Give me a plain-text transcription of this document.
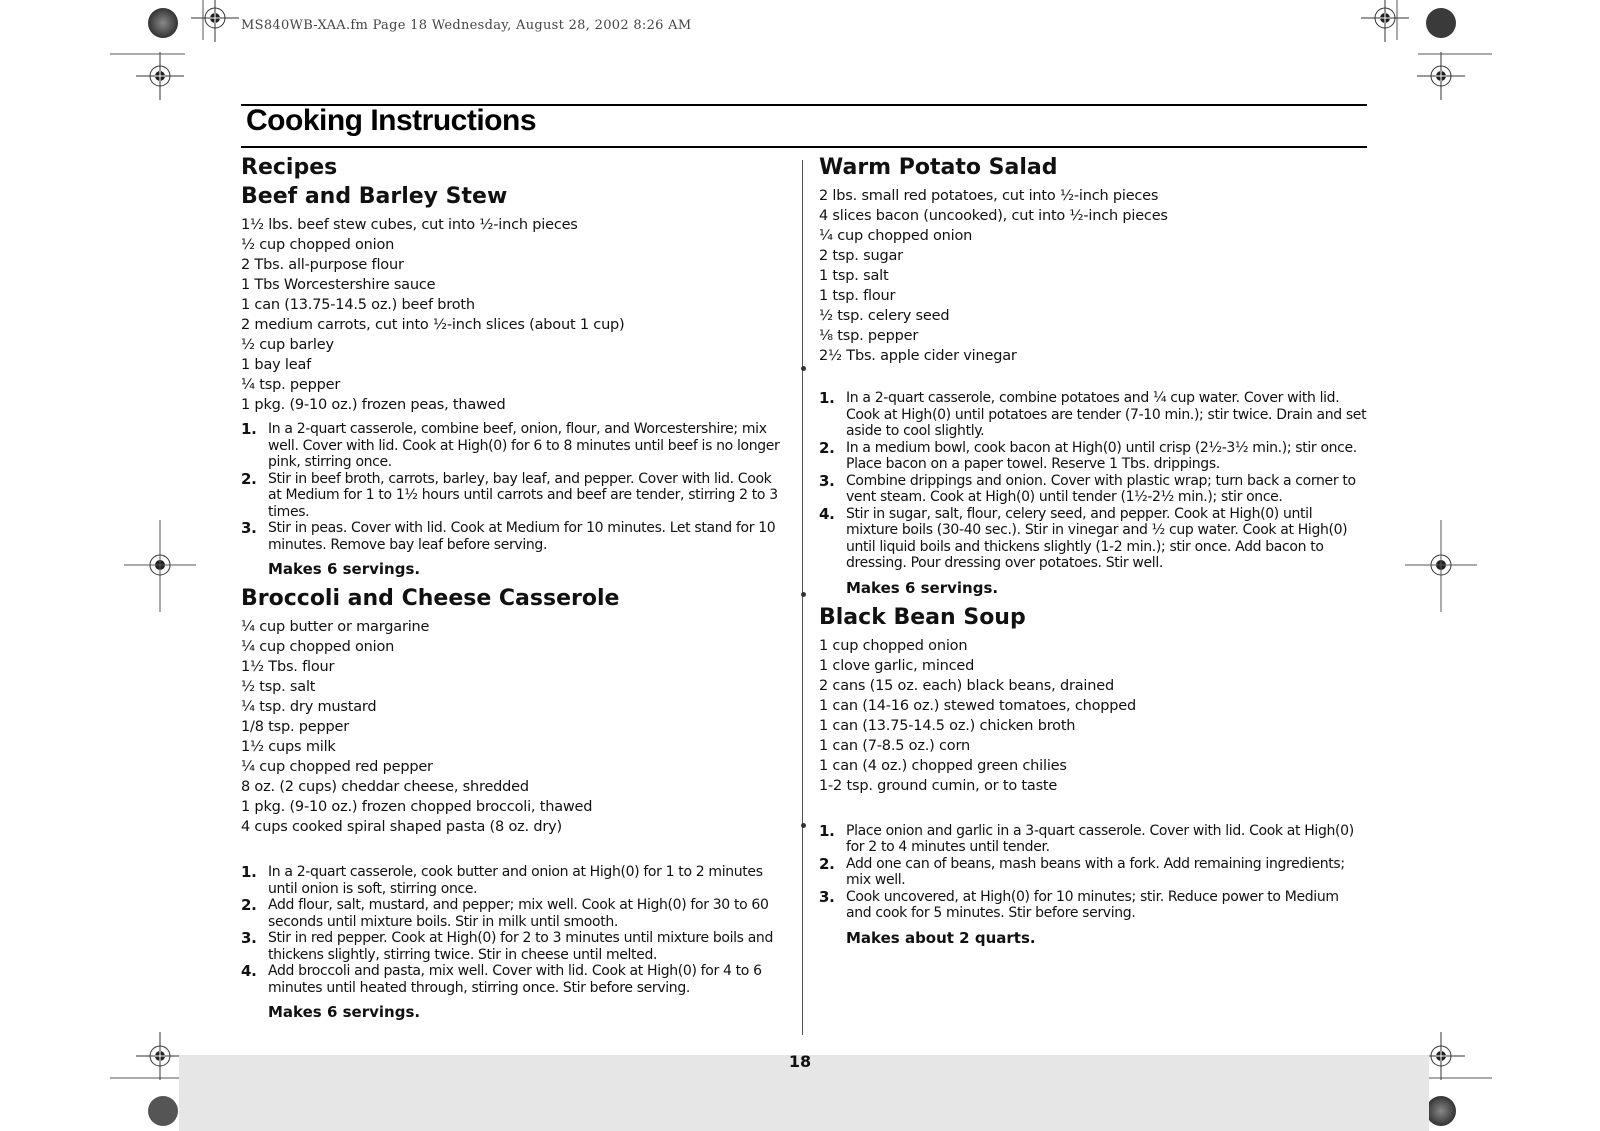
MS840WB-XAA.fm Page 18 Wednesday, August 28, 2002 8:26 AM
Cooking Instructions
Recipes
Beef and Barley Stew
1½ lbs. beef stew cubes, cut into ½-inch pieces
½ cup chopped onion
2 Tbs. all-purpose flour
1 Tbs Worcestershire sauce
1 can (13.75-14.5 oz.) beef broth
2 medium carrots, cut into ½-inch slices (about 1 cup)
½ cup barley
1 bay leaf
¼ tsp. pepper
1 pkg. (9-10 oz.) frozen peas, thawed
1. In a 2-quart casserole, combine beef, onion, flour, and Worcestershire; mix well. Cover with lid. Cook at High(0) for 6 to 8 minutes until beef is no longer pink, stirring once.
2. Stir in beef broth, carrots, barley, bay leaf, and pepper. Cover with lid. Cook at Medium for 1 to 1½ hours until carrots and beef are tender, stirring 2 to 3 times.
3. Stir in peas. Cover with lid. Cook at Medium for 10 minutes. Let stand for 10 minutes. Remove bay leaf before serving.
Makes 6 servings.
Broccoli and Cheese Casserole
¼ cup butter or margarine
¼ cup chopped onion
1½ Tbs. flour
½ tsp. salt
¼ tsp. dry mustard
1/8 tsp. pepper
1½ cups milk
¼ cup chopped red pepper
8 oz. (2 cups) cheddar cheese, shredded
1 pkg. (9-10 oz.) frozen chopped broccoli, thawed
4 cups cooked spiral shaped pasta (8 oz. dry)
1. In a 2-quart casserole, cook butter and onion at High(0) for 1 to 2 minutes until onion is soft, stirring once.
2. Add flour, salt, mustard, and pepper; mix well. Cook at High(0) for 30 to 60 seconds until mixture boils. Stir in milk until smooth.
3. Stir in red pepper. Cook at High(0) for 2 to 3 minutes until mixture boils and thickens slightly, stirring twice. Stir in cheese until melted.
4. Add broccoli and pasta, mix well. Cover with lid. Cook at High(0) for 4 to 6 minutes until heated through, stirring once. Stir before serving.
Makes 6 servings.
Warm Potato Salad
2 lbs. small red potatoes, cut into ½-inch pieces
4 slices bacon (uncooked), cut into ½-inch pieces
¼ cup chopped onion
2 tsp. sugar
1 tsp. salt
1 tsp. flour
½ tsp. celery seed
⅛ tsp. pepper
2½ Tbs. apple cider vinegar
1. In a 2-quart casserole, combine potatoes and ¼ cup water. Cover with lid. Cook at High(0) until potatoes are tender (7-10 min.); stir twice. Drain and set aside to cool slightly.
2. In a medium bowl, cook bacon at High(0) until crisp (2½-3½ min.); stir once. Place bacon on a paper towel. Reserve 1 Tbs. drippings.
3. Combine drippings and onion. Cover with plastic wrap; turn back a corner to vent steam. Cook at High(0) until tender (1½-2½ min.); stir once.
4. Stir in sugar, salt, flour, celery seed, and pepper. Cook at High(0) until mixture boils (30-40 sec.). Stir in vinegar and ½ cup water. Cook at High(0) until liquid boils and thickens slightly (1-2 min.); stir once. Add bacon to dressing. Pour dressing over potatoes. Stir well.
Makes 6 servings.
Black Bean Soup
1 cup chopped onion
1 clove garlic, minced
2 cans (15 oz. each) black beans, drained
1 can (14-16 oz.) stewed tomatoes, chopped
1 can (13.75-14.5 oz.) chicken broth
1 can (7-8.5 oz.) corn
1 can (4 oz.) chopped green chilies
1-2 tsp. ground cumin, or to taste
1. Place onion and garlic in a 3-quart casserole. Cover with lid. Cook at High(0) for 2 to 4 minutes until tender.
2. Add one can of beans, mash beans with a fork. Add remaining ingredients; mix well.
3. Cook uncovered, at High(0) for 10 minutes; stir. Reduce power to Medium and cook for 5 minutes. Stir before serving.
Makes about 2 quarts.
18
